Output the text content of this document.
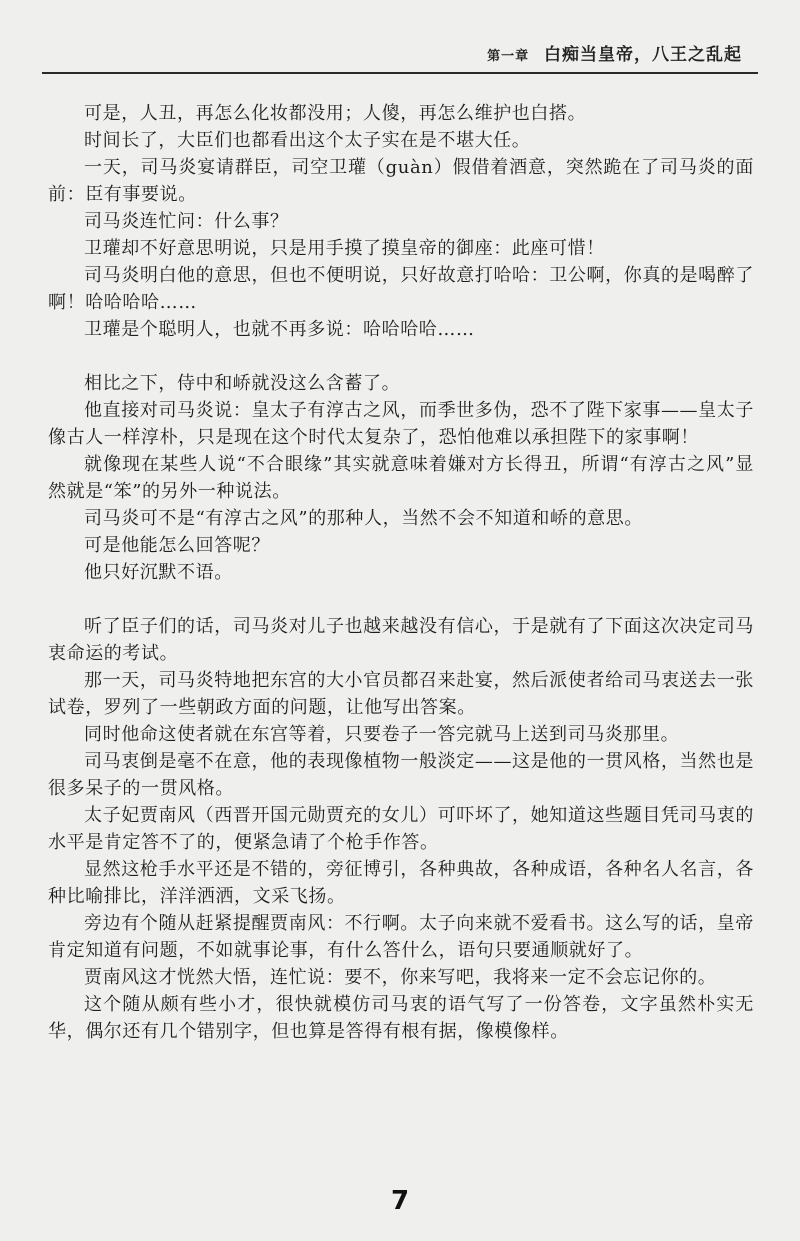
第一章 白痴当皇帝，八王之乱起

可是，人丑，再怎么化妆都没用；人傻，再怎么维护也白搭。

时间长了，大臣们也都看出这个太子实在是不堪大任。

一天，司马炎宴请群臣，司空卫瓘（guàn）假借着酒意，突然跪在了司马炎的面前：臣有事要说。

司马炎连忙问：什么事？

卫瓘却不好意思明说，只是用手摸了摸皇帝的御座：此座可惜！

司马炎明白他的意思，但也不便明说，只好故意打哈哈：卫公啊，你真的是喝醉了啊！哈哈哈哈……

卫瓘是个聪明人，也就不再多说：哈哈哈哈……

相比之下，侍中和峤就没这么含蓄了。

他直接对司马炎说：皇太子有淳古之风，而季世多伪，恐不了陛下家事——皇太子像古人一样淳朴，只是现在这个时代太复杂了，恐怕他难以承担陛下的家事啊！

就像现在某些人说“不合眼缘”其实就意味着嫌对方长得丑，所谓“有淳古之风”显然就是“笨”的另外一种说法。

司马炎可不是“有淳古之风”的那种人，当然不会不知道和峤的意思。

可是他能怎么回答呢？

他只好沉默不语。

听了臣子们的话，司马炎对儿子也越来越没有信心，于是就有了下面这次决定司马衷命运的考试。

那一天，司马炎特地把东宫的大小官员都召来赴宴，然后派使者给司马衷送去一张试卷，罗列了一些朝政方面的问题，让他写出答案。

同时他命这使者就在东宫等着，只要卷子一答完就马上送到司马炎那里。

司马衷倒是毫不在意，他的表现像植物一般淡定——这是他的一贯风格，当然也是很多呆子的一贯风格。

太子妃贾南风（西晋开国元勋贾充的女儿）可吓坏了，她知道这些题目凭司马衷的水平是肯定答不了的，便紧急请了个枪手作答。

显然这枪手水平还是不错的，旁征博引，各种典故，各种成语，各种名人名言，各种比喻排比，洋洋洒洒，文采飞扬。

旁边有个随从赶紧提醒贾南风：不行啊。太子向来就不爱看书。这么写的话，皇帝肯定知道有问题，不如就事论事，有什么答什么，语句只要通顺就好了。

贾南风这才恍然大悟，连忙说：要不，你来写吧，我将来一定不会忘记你的。

这个随从颇有些小才，很快就模仿司马衷的语气写了一份答卷，文字虽然朴实无华，偶尔还有几个错别字，但也算是答得有根有据，像模像样。

7
